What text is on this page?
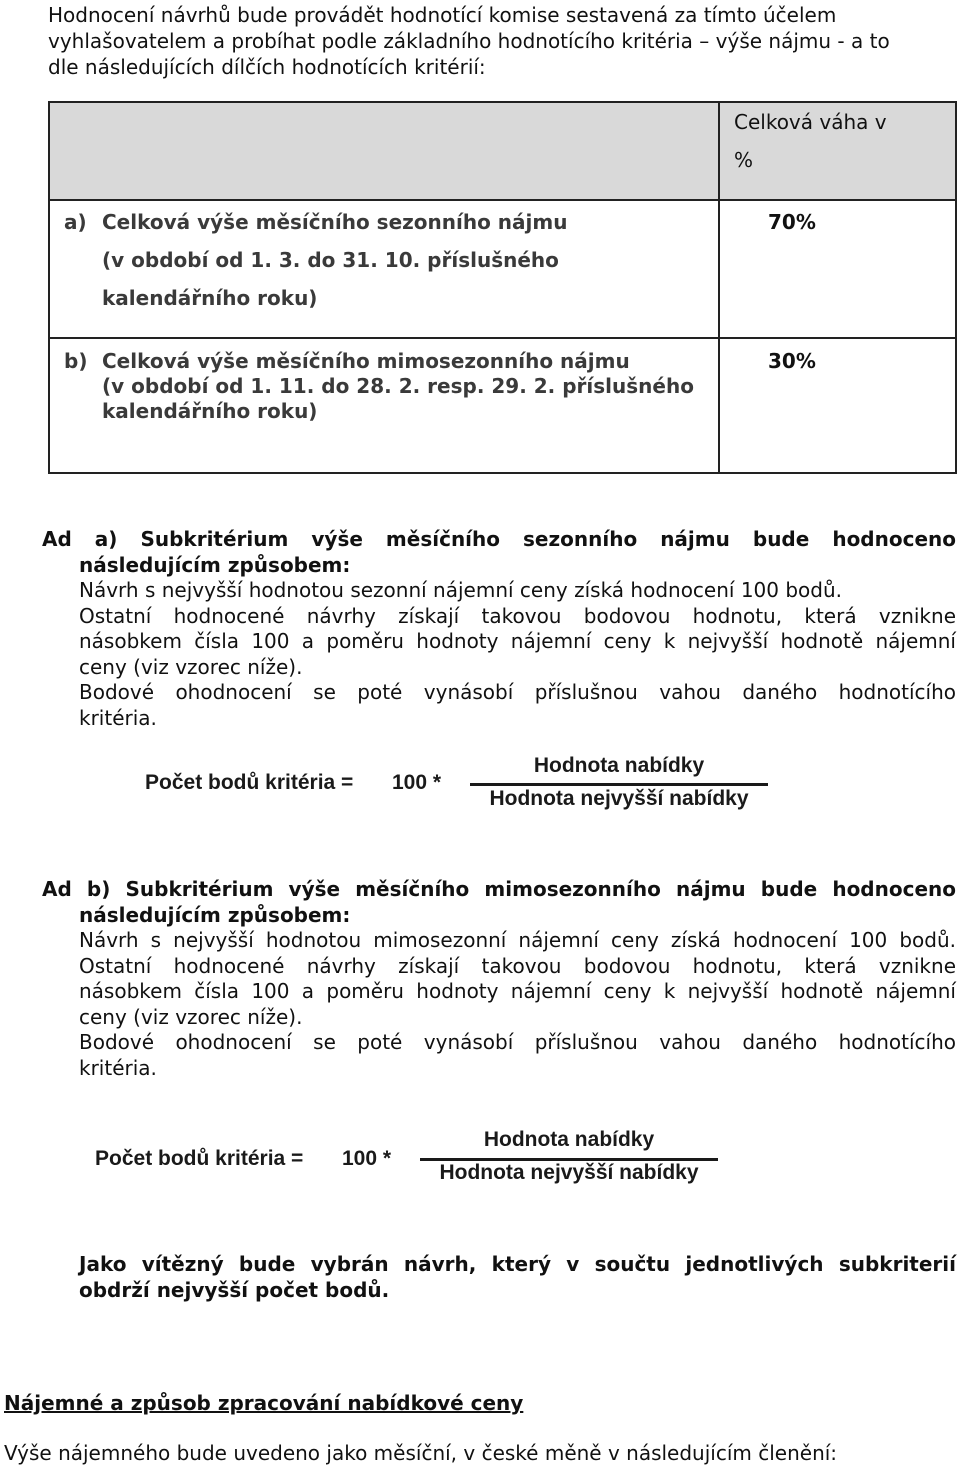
Hodnocení návrhů bude provádět hodnotící komise sestavená za tímto účelem
vyhlašovatelem a probíhat podle základního hodnotícího kritéria – výše nájmu - a to
dle následujících dílčích hodnotících kritérií:

	Celková váha v
%

a) Celková výše měsíčního sezonního nájmu
(v období od 1. 3. do 31. 10. příslušného
kalendářního roku)	70%

b) Celková výše měsíčního mimosezonního nájmu
(v období od 1. 11. do 28. 2. resp. 29. 2. příslušného
kalendářního roku)	30%
Ad a) Subkritérium výše měsíčního sezonního nájmu bude hodnoceno
následujícím způsobem:
Návrh s nejvyšší hodnotou sezonní nájemní ceny získá hodnocení 100 bodů.
Ostatní hodnocené návrhy získají takovou bodovou hodnotu, která vznikne
násobkem čísla 100 a poměru hodnoty nájemní ceny k nejvyšší hodnotě nájemní
ceny (viz vzorec níže).
Bodové ohodnocení se poté vynásobí příslušnou vahou daného hodnotícího
kritéria.
Počet bodů kritéria = 100 *
Hodnota nabídky
Hodnota nejvyšší nabídky
Ad b) Subkritérium výše měsíčního mimosezonního nájmu bude hodnoceno
následujícím způsobem:
Návrh s nejvyšší hodnotou mimosezonní nájemní ceny získá hodnocení 100 bodů.
Ostatní hodnocené návrhy získají takovou bodovou hodnotu, která vznikne
násobkem čísla 100 a poměru hodnoty nájemní ceny k nejvyšší hodnotě nájemní
ceny (viz vzorec níže).
Bodové ohodnocení se poté vynásobí příslušnou vahou daného hodnotícího
kritéria.
Počet bodů kritéria = 100 *
Hodnota nabídky
Hodnota nejvyšší nabídky
Jako vítězný bude vybrán návrh, který v součtu jednotlivých subkriterií
obdrží nejvyšší počet bodů.
Nájemné a způsob zpracování nabídkové ceny
Výše nájemného bude uvedeno jako měsíční, v české měně v následujícím členění:
